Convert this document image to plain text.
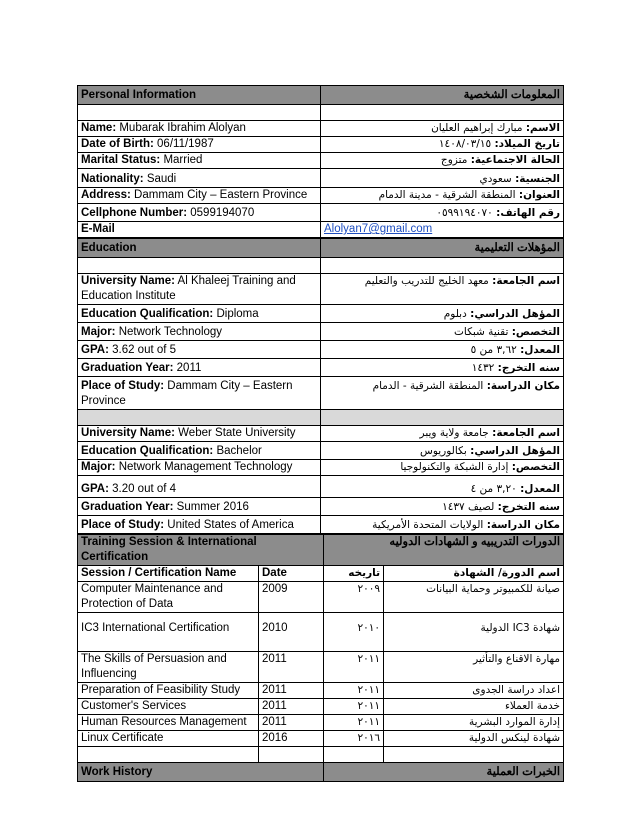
Personal Information	المعلومات الشخصية

Name: Mubarak Ibrahim Alolyan	الاسم: مبارك إبراهيم العليان
Date of Birth: 06/11/1987	تاريخ الميلاد: ١٤٠٨/٠٣/١٥
Marital Status: Married	الحالة الاجتماعية: متزوج
Nationality: Saudi	الجنسية: سعودي
Address: Dammam City – Eastern Province	العنوان: المنطقة الشرقية - مدينة الدمام
Cellphone Number: 0599194070	رقم الهاتف: ٠٥٩٩١٩٤٠٧٠
E-Mail	Alolyan7@gmail.com
Education	المؤهلات التعليمية

University Name: Al Khaleej Training and Education Institute	اسم الجامعة: معهد الخليج للتدريب والتعليم
Education Qualification: Diploma	المؤهل الدراسي: دبلوم
Major: Network Technology	التخصص: تقنية شبكات
GPA: 3.62 out of 5	المعدل: ٣,٦٢ من ٥
Graduation Year: 2011	سنه التخرج: ١٤٣٢
Place of Study: Dammam City – Eastern Province	مكان الدراسة: المنطقة الشرقية - الدمام

University Name: Weber State University	اسم الجامعة: جامعة ولاية ويبر
Education Qualification: Bachelor	المؤهل الدراسي: بكالوريوس
Major: Network Management Technology	التخصص: إدارة الشبكة والتكنولوجيا
GPA: 3.20 out of 4	المعدل: ٣,٢٠ من ٤
Graduation Year: Summer 2016	سنه التخرج: لصيف ١٤٣٧
Place of Study: United States of America	مكان الدراسة: الولايات المتحدة الأمريكية
Training Session & International Certification		الدورات التدريبيه و الشهادات الدوليه	
Session / Certification Name	Date	تاريخه	اسم الدورة/ الشهادة
Computer Maintenance and Protection of Data	2009	٢٠٠٩	صيانة للكمبيوتر وحماية البيانات
IC3 International Certification	2010	٢٠١٠	شهادة IC3 الدولية
The Skills of Persuasion and Influencing	2011	٢٠١١	مهارة الاقناع والتأثير
Preparation of Feasibility Study	2011	٢٠١١	اعداد دراسة الجدوى
Customer's Services	2011	٢٠١١	خدمة العملاء
Human Resources Management	2011	٢٠١١	إدارة الموارد البشرية
Linux Certificate	2016	٢٠١٦	شهادة لينكس الدولية

Work History		الخبرات العملية	
